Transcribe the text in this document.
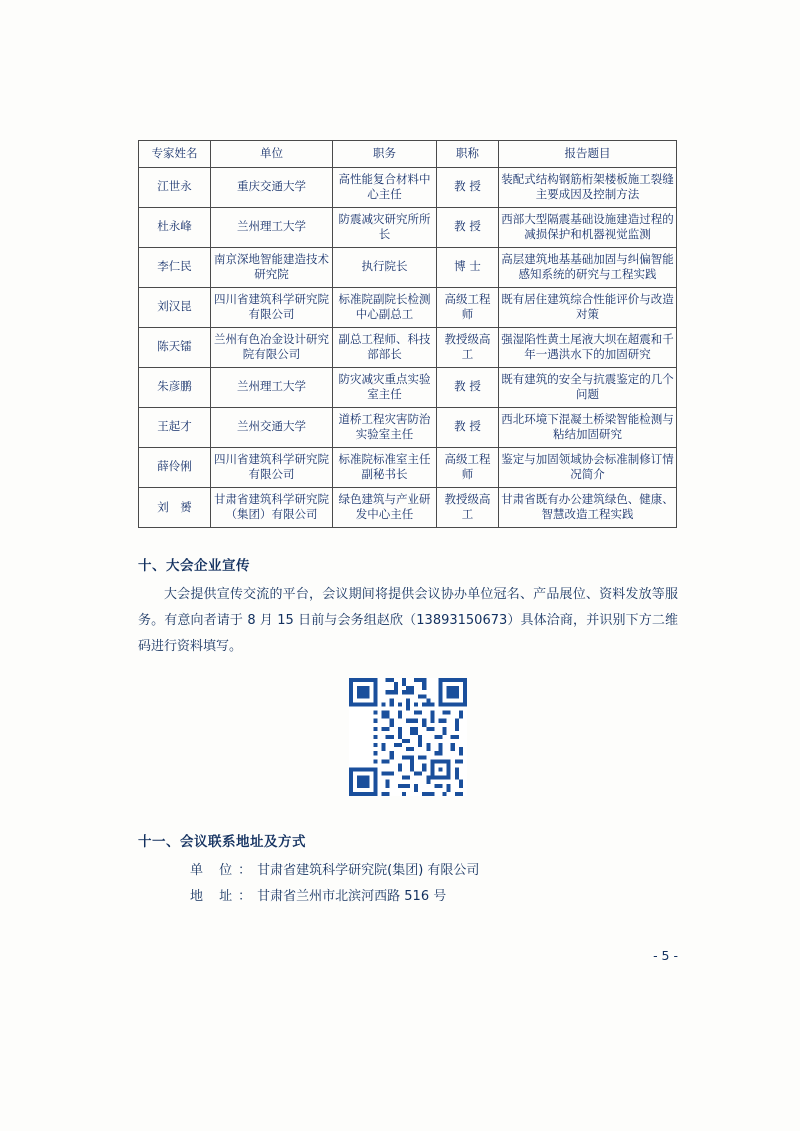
专家姓名	单位	职务	职称	报告题目
江世永	重庆交通大学	高性能复合材料中心主任	教 授	装配式结构钢筋桁架楼板施工裂缝主要成因及控制方法
杜永峰	兰州理工大学	防震减灾研究所所长	教 授	西部大型隔震基础设施建造过程的减损保护和机器视觉监测
李仁民	南京深地智能建造技术研究院	执行院长	博 士	高层建筑地基基础加固与纠偏智能感知系统的研究与工程实践
刘汉昆	四川省建筑科学研究院有限公司	标准院副院长检测中心副总工	高级工程师	既有居住建筑综合性能评价与改造对策
陈天镭	兰州有色冶金设计研究院有限公司	副总工程师、科技部部长	教授级高工	强湿陷性黄土尾液大坝在超震和千年一遇洪水下的加固研究
朱彦鹏	兰州理工大学	防灾减灾重点实验室主任	教 授	既有建筑的安全与抗震鉴定的几个问题
王起才	兰州交通大学	道桥工程灾害防治实验室主任	教 授	西北环境下混凝土桥梁智能检测与粘结加固研究
薛伶俐	四川省建筑科学研究院有限公司	标准院标准室主任副秘书长	高级工程师	鉴定与加固领域协会标准制修订情况简介
刘　赟	甘肃省建筑科学研究院（集团）有限公司	绿色建筑与产业研发中心主任	教授级高工	甘肃省既有办公建筑绿色、健康、智慧改造工程实践
十、大会企业宣传

大会提供宣传交流的平台，会议期间将提供会议协办单位冠名、产品展位、资料发放等服务。有意向者请于 8 月 15 日前与会务组赵欣（13893150673）具体洽商，并识别下方二维码进行资料填写。

十一、会议联系地址及方式

单 位：甘肃省建筑科学研究院(集团) 有限公司

地 址：甘肃省兰州市北滨河西路 516 号

- 5 -
